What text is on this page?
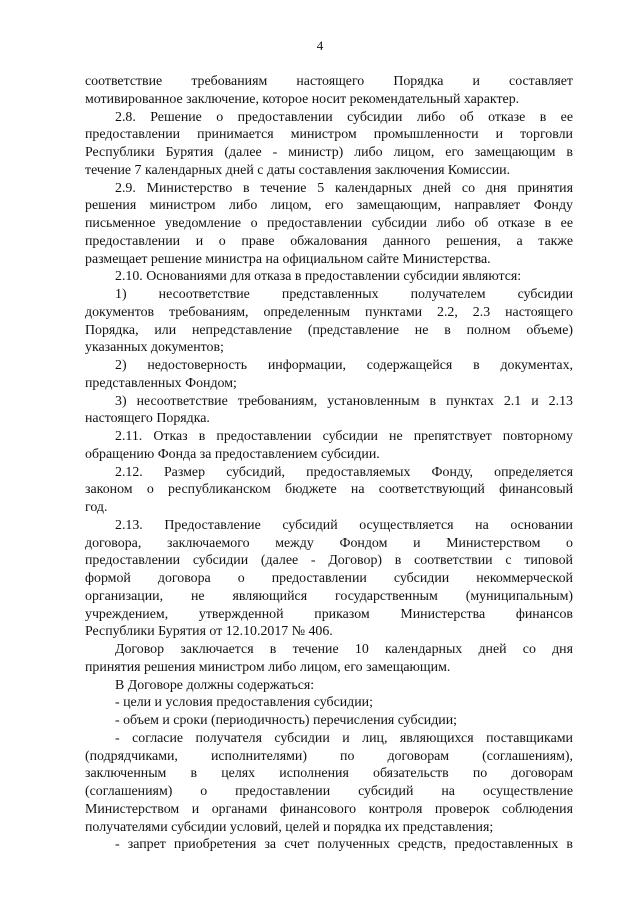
4
соответствие требованиям настоящего Порядка и составляет
мотивированное заключение, которое носит рекомендательный характер.
2.8. Решение о предоставлении субсидии либо об отказе в ее
предоставлении принимается министром промышленности и торговли
Республики Бурятия (далее - министр) либо лицом, его замещающим в
течение 7 календарных дней с даты составления заключения Комиссии.
2.9. Министерство в течение 5 календарных дней со дня принятия
решения министром либо лицом, его замещающим, направляет Фонду
письменное уведомление о предоставлении субсидии либо об отказе в ее
предоставлении и о праве обжалования данного решения, а также
размещает решение министра на официальном сайте Министерства.
2.10. Основаниями для отказа в предоставлении субсидии являются:
1) несоответствие представленных получателем субсидии
документов требованиям, определенным пунктами 2.2, 2.3 настоящего
Порядка, или непредставление (представление не в полном объеме)
указанных документов;
2) недостоверность информации, содержащейся в документах,
представленных Фондом;
3) несоответствие требованиям, установленным в пунктах 2.1 и 2.13
настоящего Порядка.
2.11. Отказ в предоставлении субсидии не препятствует повторному
обращению Фонда за предоставлением субсидии.
2.12. Размер субсидий, предоставляемых Фонду, определяется
законом о республиканском бюджете на соответствующий финансовый
год.
2.13. Предоставление субсидий осуществляется на основании
договора, заключаемого между Фондом и Министерством о
предоставлении субсидии (далее - Договор) в соответствии с типовой
формой договора о предоставлении субсидии некоммерческой
организации, не являющийся государственным (муниципальным)
учреждением, утвержденной приказом Министерства финансов
Республики Бурятия от 12.10.2017 № 406.
Договор заключается в течение 10 календарных дней со дня
принятия решения министром либо лицом, его замещающим.
В Договоре должны содержаться:
- цели и условия предоставления субсидии;
- объем и сроки (периодичность) перечисления субсидии;
- согласие получателя субсидии и лиц, являющихся поставщиками
(подрядчиками, исполнителями) по договорам (соглашениям),
заключенным в целях исполнения обязательств по договорам
(соглашениям) о предоставлении субсидий на осуществление
Министерством и органами финансового контроля проверок соблюдения
получателями субсидии условий, целей и порядка их представления;
- запрет приобретения за счет полученных средств, предоставленных в
